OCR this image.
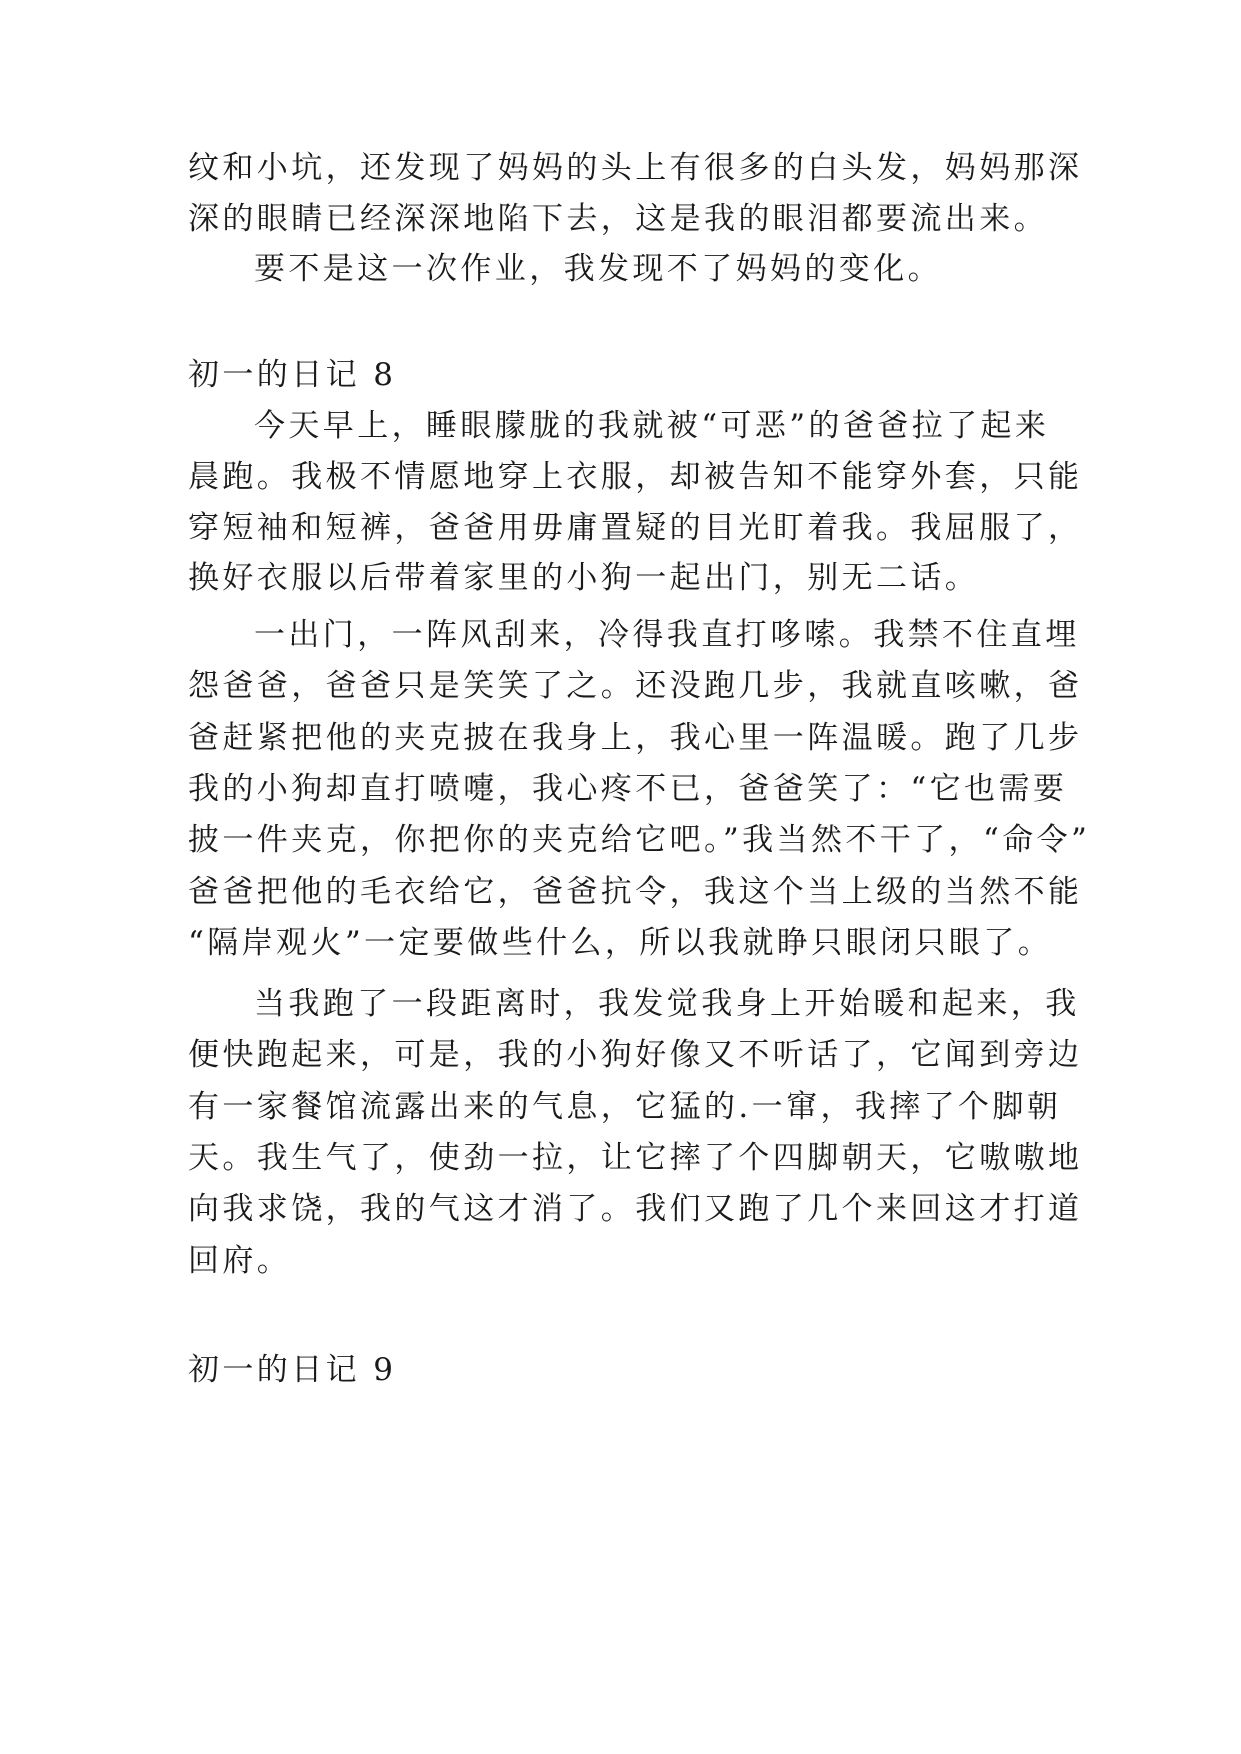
纹和小坑，还发现了妈妈的头上有很多的白头发，妈妈那深

深的眼睛已经深深地陷下去，这是我的眼泪都要流出来。

要不是这一次作业，我发现不了妈妈的变化。

初一的日记 8

今天早上，睡眼朦胧的我就被“可恶”的爸爸拉了起来

晨跑。我极不情愿地穿上衣服，却被告知不能穿外套，只能

穿短袖和短裤，爸爸用毋庸置疑的目光盯着我。我屈服了，

换好衣服以后带着家里的小狗一起出门，别无二话。

一出门，一阵风刮来，冷得我直打哆嗦。我禁不住直埋

怨爸爸，爸爸只是笑笑了之。还没跑几步，我就直咳嗽，爸

爸赶紧把他的夹克披在我身上，我心里一阵温暖。跑了几步

我的小狗却直打喷嚏，我心疼不已，爸爸笑了：“它也需要

披一件夹克，你把你的夹克给它吧。”我当然不干了，“命令”

爸爸把他的毛衣给它，爸爸抗令，我这个当上级的当然不能

“隔岸观火”一定要做些什么，所以我就睁只眼闭只眼了。

当我跑了一段距离时，我发觉我身上开始暖和起来，我

便快跑起来，可是，我的小狗好像又不听话了，它闻到旁边

有一家餐馆流露出来的气息，它猛的.一窜，我摔了个脚朝

天。我生气了，使劲一拉，让它摔了个四脚朝天，它嗷嗷地

向我求饶，我的气这才消了。我们又跑了几个来回这才打道

回府。

初一的日记 9
